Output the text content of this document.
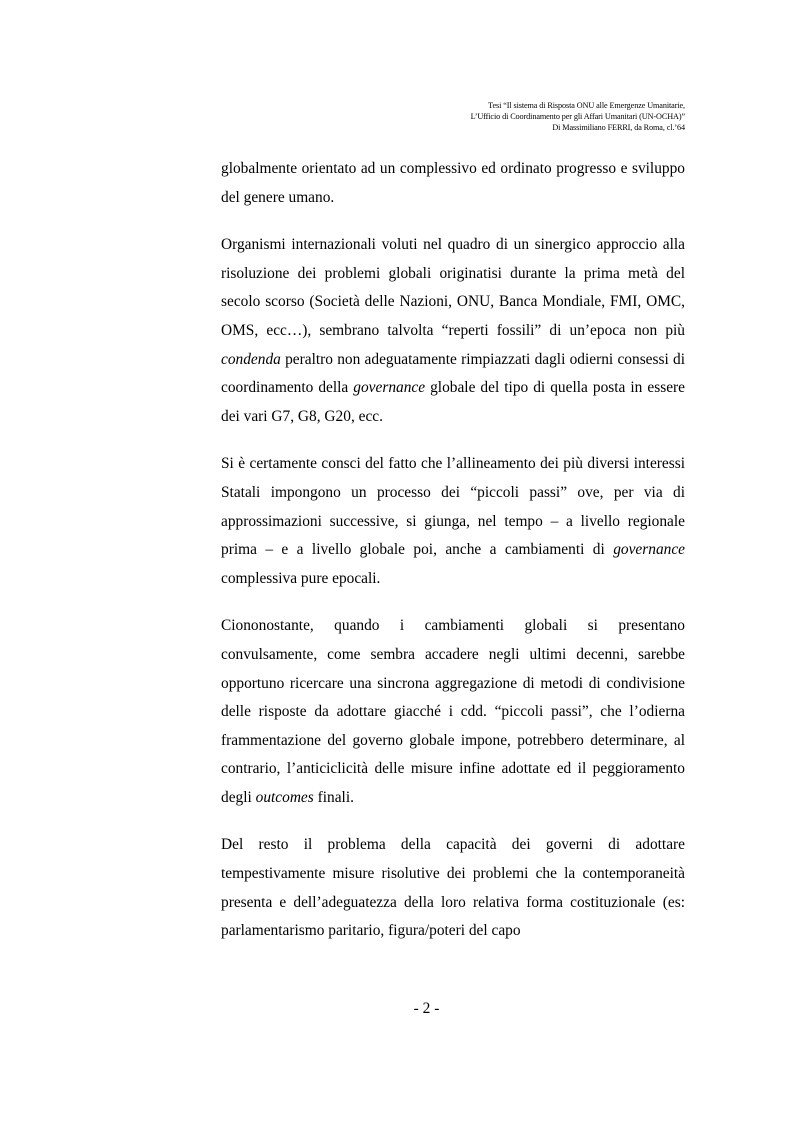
Tesi “Il sistema di Risposta ONU alle Emergenze Umanitarie,
L’Ufficio di Coordinamento per gli Affari Umanitari (UN-OCHA)”
Di Massimiliano FERRI, da Roma, cl.’64

globalmente orientato ad un complessivo ed ordinato progresso e sviluppo del genere umano.

Organismi internazionali voluti nel quadro di un sinergico approccio alla risoluzione dei problemi globali originatisi durante la prima metà del secolo scorso (Società delle Nazioni, ONU, Banca Mondiale, FMI, OMC, OMS, ecc…), sembrano talvolta “reperti fossili” di un’epoca non più condenda peraltro non adeguatamente rimpiazzati dagli odierni consessi di coordinamento della governance globale del tipo di quella posta in essere dei vari G7, G8, G20, ecc.

Si è certamente consci del fatto che l’allineamento dei più diversi interessi Statali impongono un processo dei “piccoli passi” ove, per via di approssimazioni successive, si giunga, nel tempo – a livello regionale prima – e a livello globale poi, anche a cambiamenti di governance complessiva pure epocali.

Ciononostante, quando i cambiamenti globali si presentano convulsamente, come sembra accadere negli ultimi decenni, sarebbe opportuno ricercare una sincrona aggregazione di metodi di condivisione delle risposte da adottare giacché i cdd. “piccoli passi”, che l’odierna frammentazione del governo globale impone, potrebbero determinare, al contrario, l’anticiclicità delle misure infine adottate ed il peggioramento degli outcomes finali.

Del resto il problema della capacità dei governi di adottare tempestivamente misure risolutive dei problemi che la contemporaneità presenta e dell’adeguatezza della loro relativa forma costituzionale (es: parlamentarismo paritario, figura/poteri del capo

- 2 -
